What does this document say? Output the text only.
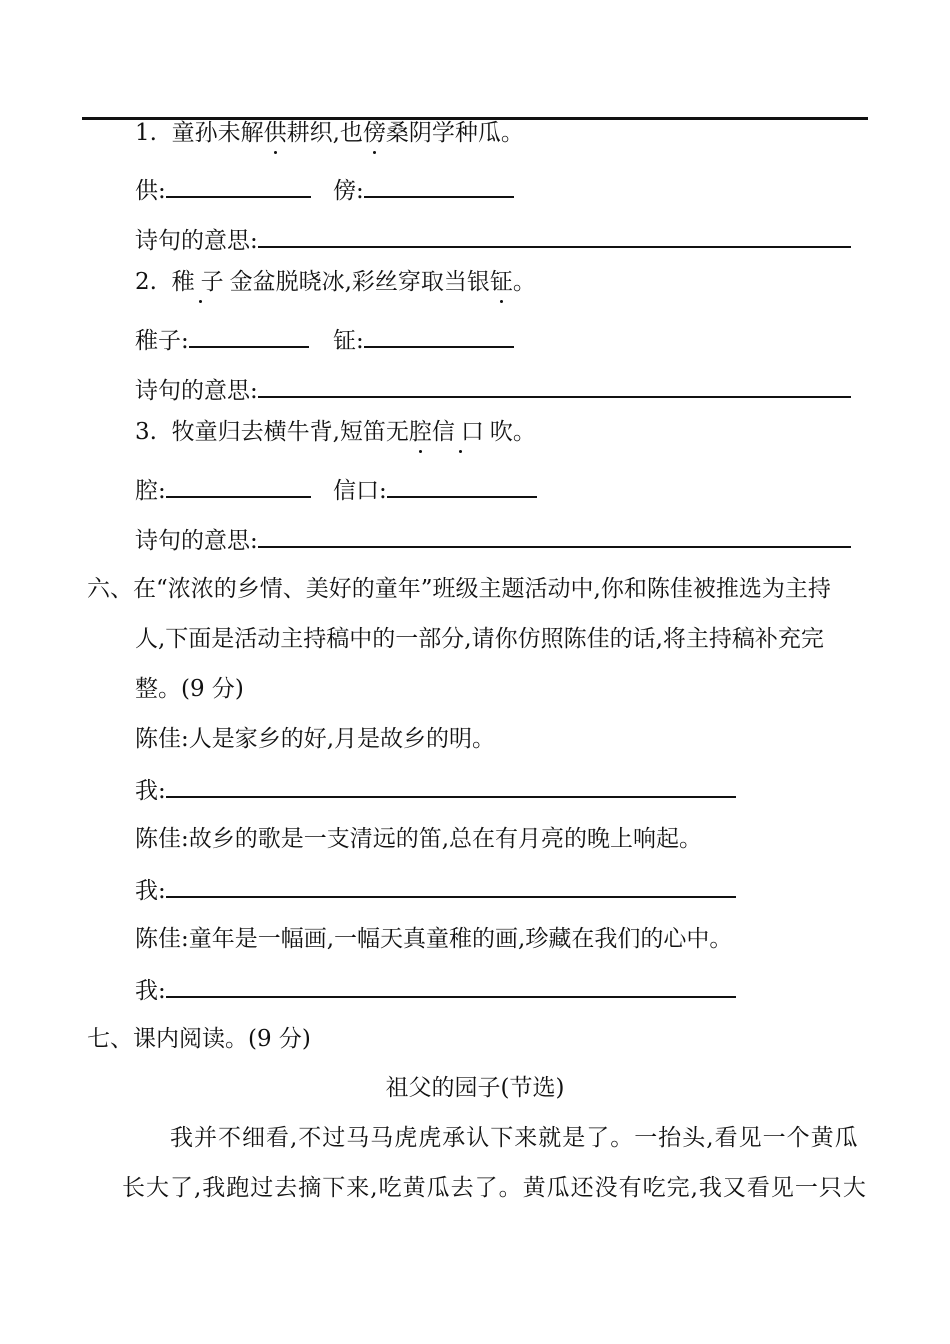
1. 童孙未解供耕织,也傍桑阴学种瓜。
供:	傍:
诗句的意思:
2. 稚子金盆脱晓冰,彩丝穿取当银钲。
稚子:	钲:
诗句的意思:
3. 牧童归去横牛背,短笛无腔信口吹。
腔:	信口:
诗句的意思:
六、在“浓浓的乡情、美好的童年”班级主题活动中,你和陈佳被推选为主持
人,下面是活动主持稿中的一部分,请你仿照陈佳的话,将主持稿补充完
整。(9 分)
陈佳:人是家乡的好,月是故乡的明。
我:
陈佳:故乡的歌是一支清远的笛,总在有月亮的晚上响起。
我:
陈佳:童年是一幅画,一幅天真童稚的画,珍藏在我们的心中。
我:
七、课内阅读。(9 分)
祖父的园子(节选)
我并不细看,不过马马虎虎承认下来就是了。一抬头,看见一个黄瓜
长大了,我跑过去摘下来,吃黄瓜去了。黄瓜还没有吃完,我又看见一只大
